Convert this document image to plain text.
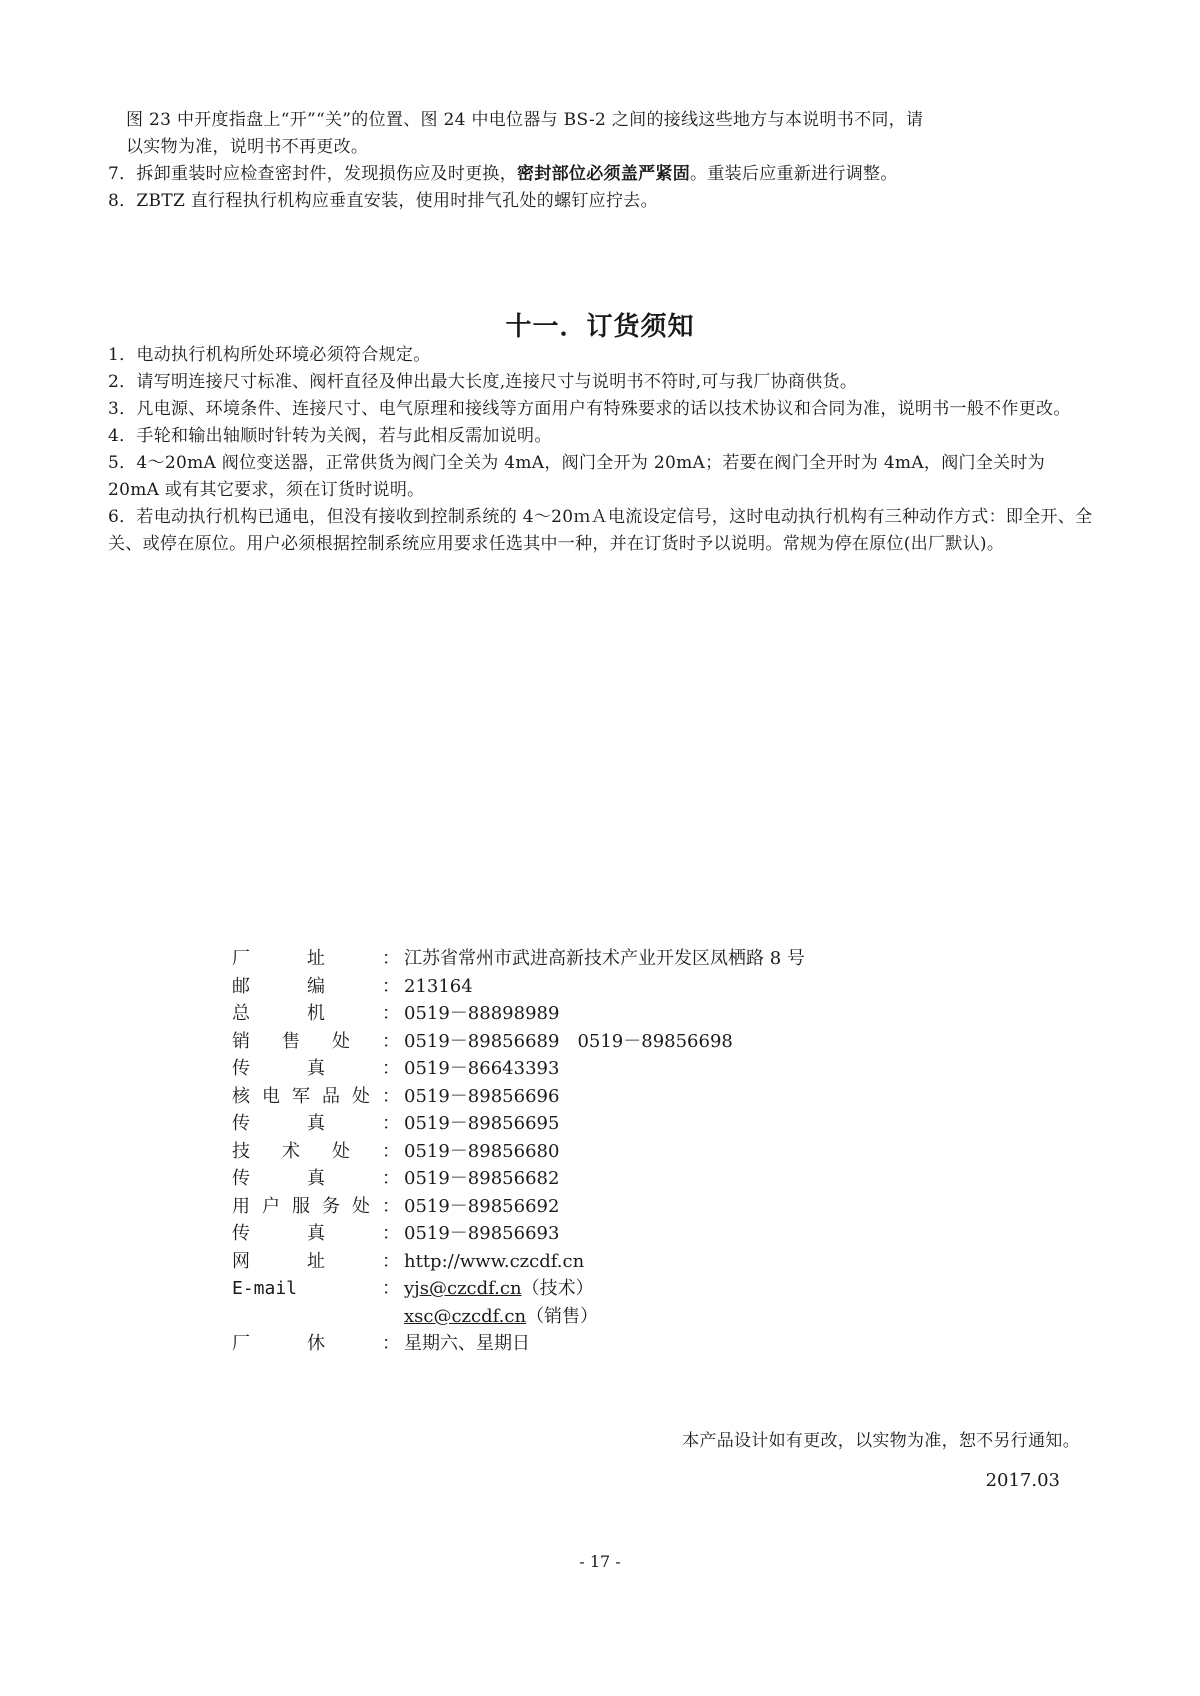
图 23 中开度指盘上“开”“关”的位置、图 24 中电位器与 BS-2 之间的接线这些地方与本说明书不同，请

以实物为准，说明书不再更改。

7．拆卸重装时应检查密封件，发现损伤应及时更换，密封部位必须盖严紧固。重装后应重新进行调整。

8．ZBTZ 直行程执行机构应垂直安装，使用时排气孔处的螺钉应拧去。

十一．订货须知

1．电动执行机构所处环境必须符合规定。

2．请写明连接尺寸标准、阀杆直径及伸出最大长度,连接尺寸与说明书不符时,可与我厂协商供货。

3．凡电源、环境条件、连接尺寸、电气原理和接线等方面用户有特殊要求的话以技术协议和合同为准，说明书一般不作更改。

4．手轮和输出轴顺时针转为关阀，若与此相反需加说明。

5．4～20mA 阀位变送器，正常供货为阀门全关为 4mA，阀门全开为 20mA；若要在阀门全开时为 4mA，阀门全关时为 20mA 或有其它要求，须在订货时说明。

6．若电动执行机构已通电，但没有接收到控制系统的 4～20ｍＡ电流设定信号，这时电动执行机构有三种动作方式：即全开、全关、或停在原位。用户必须根据控制系统应用要求任选其中一种，并在订货时予以说明。常规为停在原位(出厂默认)。

厂址： 江苏省常州市武进高新技术产业开发区凤栖路 8 号
邮编： 213164
总机： 0519－88898989
销售处： 0519－89856689 0519－89856698
传真： 0519－86643393
核电军品处： 0519－89856696
传真： 0519－89856695
技术处： 0519－89856680
传真： 0519－89856682
用户服务处： 0519－89856692
传真： 0519－89856693
网址： http://www.czcdf.cn
E-mail： yjs@czcdf.cn（技术）
xsc@czcdf.cn（销售）
厂休： 星期六、星期日
本产品设计如有更改，以实物为准，恕不另行通知。
2017.03
- 17 -
